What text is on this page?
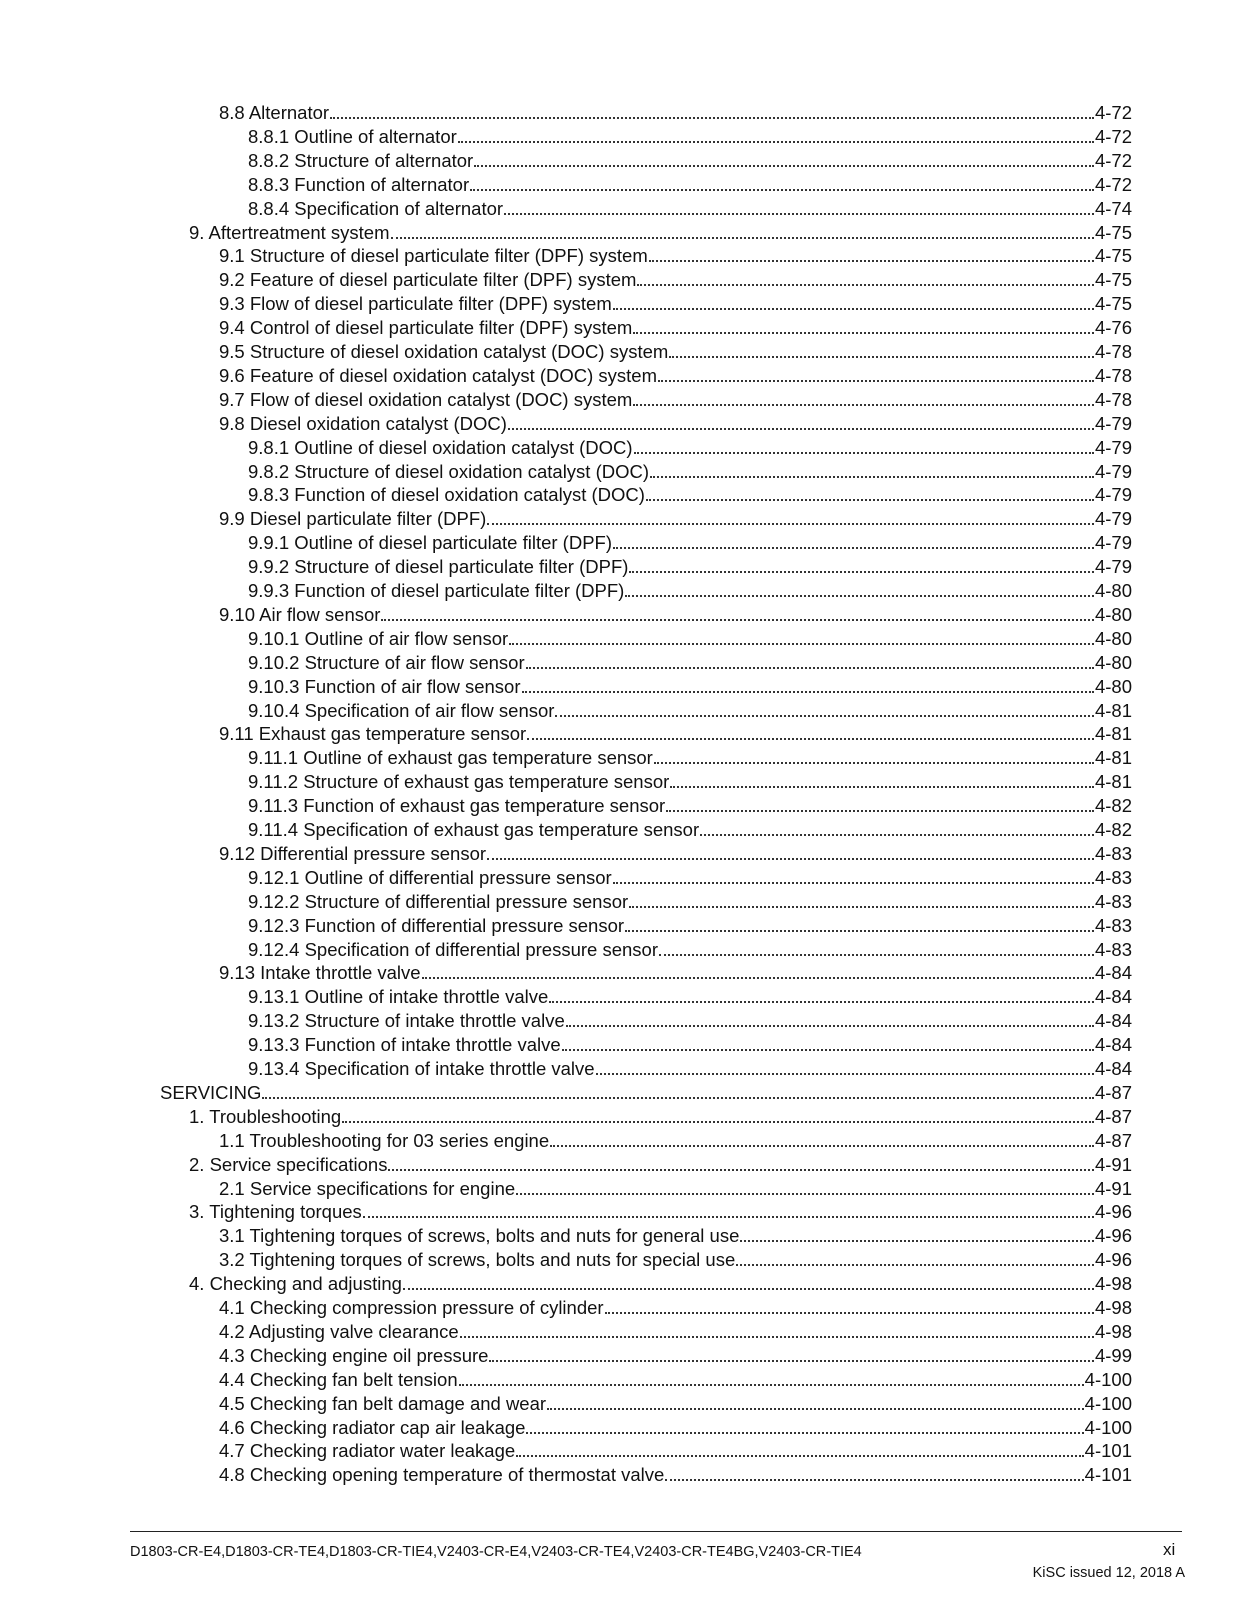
8.8 Alternator	4-72
8.8.1 Outline of alternator	4-72
8.8.2 Structure of alternator	4-72
8.8.3 Function of alternator	4-72
8.8.4 Specification of alternator	4-74
9. Aftertreatment system	4-75
9.1 Structure of diesel particulate filter (DPF) system	4-75
9.2 Feature of diesel particulate filter (DPF) system	4-75
9.3 Flow of diesel particulate filter (DPF) system	4-75
9.4 Control of diesel particulate filter (DPF) system	4-76
9.5 Structure of diesel oxidation catalyst (DOC) system	4-78
9.6 Feature of diesel oxidation catalyst (DOC) system	4-78
9.7 Flow of diesel oxidation catalyst (DOC) system	4-78
9.8 Diesel oxidation catalyst (DOC)	4-79
9.8.1 Outline of diesel oxidation catalyst (DOC)	4-79
9.8.2 Structure of diesel oxidation catalyst (DOC)	4-79
9.8.3 Function of diesel oxidation catalyst (DOC)	4-79
9.9 Diesel particulate filter (DPF)	4-79
9.9.1 Outline of diesel particulate filter (DPF)	4-79
9.9.2 Structure of diesel particulate filter (DPF)	4-79
9.9.3 Function of diesel particulate filter (DPF)	4-80
9.10 Air flow sensor	4-80
9.10.1 Outline of air flow sensor	4-80
9.10.2 Structure of air flow sensor	4-80
9.10.3 Function of air flow sensor	4-80
9.10.4 Specification of air flow sensor	4-81
9.11 Exhaust gas temperature sensor	4-81
9.11.1 Outline of exhaust gas temperature sensor	4-81
9.11.2 Structure of exhaust gas temperature sensor	4-81
9.11.3 Function of exhaust gas temperature sensor	4-82
9.11.4 Specification of exhaust gas temperature sensor	4-82
9.12 Differential pressure sensor	4-83
9.12.1 Outline of differential pressure sensor	4-83
9.12.2 Structure of differential pressure sensor	4-83
9.12.3 Function of differential pressure sensor	4-83
9.12.4 Specification of differential pressure sensor	4-83
9.13 Intake throttle valve	4-84
9.13.1 Outline of intake throttle valve	4-84
9.13.2 Structure of intake throttle valve	4-84
9.13.3 Function of intake throttle valve	4-84
9.13.4 Specification of intake throttle valve	4-84
SERVICING	4-87
1. Troubleshooting	4-87
1.1 Troubleshooting for 03 series engine	4-87
2. Service specifications	4-91
2.1 Service specifications for engine	4-91
3. Tightening torques	4-96
3.1 Tightening torques of screws, bolts and nuts for general use	4-96
3.2 Tightening torques of screws, bolts and nuts for special use	4-96
4. Checking and adjusting	4-98
4.1 Checking compression pressure of cylinder	4-98
4.2 Adjusting valve clearance	4-98
4.3 Checking engine oil pressure	4-99
4.4 Checking fan belt tension	4-100
4.5 Checking fan belt damage and wear	4-100
4.6 Checking radiator cap air leakage	4-100
4.7 Checking radiator water leakage	4-101
4.8 Checking opening temperature of thermostat valve	4-101
D1803-CR-E4,D1803-CR-TE4,D1803-CR-TIE4,V2403-CR-E4,V2403-CR-TE4,V2403-CR-TE4BG,V2403-CR-TIE4	xi
KiSC issued 12, 2018 A
